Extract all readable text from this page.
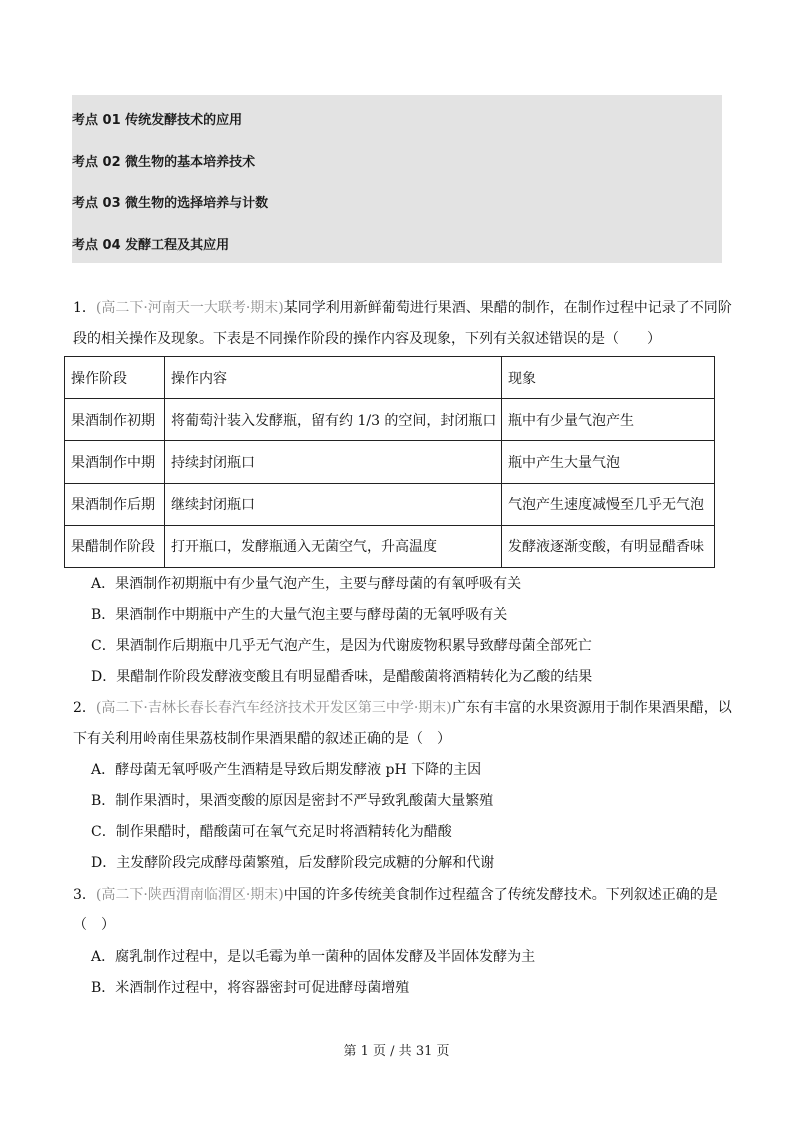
考点 01 传统发酵技术的应用
考点 02 微生物的基本培养技术
考点 03 微生物的选择培养与计数
考点 04 发酵工程及其应用
1．(高二下·河南天一大联考·期末)某同学利用新鲜葡萄进行果酒、果醋的制作，在制作过程中记录了不同阶
段的相关操作及现象。下表是不同操作阶段的操作内容及现象，下列有关叙述错误的是（　　）
操作阶段	操作内容	现象
果酒制作初期	将葡萄汁装入发酵瓶，留有约 1/3 的空间，封闭瓶口	瓶中有少量气泡产生
果酒制作中期	持续封闭瓶口	瓶中产生大量气泡
果酒制作后期	继续封闭瓶口	气泡产生速度减慢至几乎无气泡
果醋制作阶段	打开瓶口，发酵瓶通入无菌空气，升高温度	发酵液逐渐变酸，有明显醋香味
A．果酒制作初期瓶中有少量气泡产生，主要与酵母菌的有氧呼吸有关
B．果酒制作中期瓶中产生的大量气泡主要与酵母菌的无氧呼吸有关
C．果酒制作后期瓶中几乎无气泡产生，是因为代谢废物积累导致酵母菌全部死亡
D．果醋制作阶段发酵液变酸且有明显醋香味，是醋酸菌将酒精转化为乙酸的结果
2．(高二下·吉林长春长春汽车经济技术开发区第三中学·期末)广东有丰富的水果资源用于制作果酒果醋，以
下有关利用岭南佳果荔枝制作果酒果醋的叙述正确的是（　）
A．酵母菌无氧呼吸产生酒精是导致后期发酵液 pH 下降的主因
B．制作果酒时，果酒变酸的原因是密封不严导致乳酸菌大量繁殖
C．制作果醋时，醋酸菌可在氧气充足时将酒精转化为醋酸
D．主发酵阶段完成酵母菌繁殖，后发酵阶段完成糖的分解和代谢
3．(高二下·陕西渭南临渭区·期末)中国的许多传统美食制作过程蕴含了传统发酵技术。下列叙述正确的是
（　）
A．腐乳制作过程中，是以毛霉为单一菌种的固体发酵及半固体发酵为主
B．米酒制作过程中，将容器密封可促进酵母菌增殖
第 1 页 / 共 31 页
